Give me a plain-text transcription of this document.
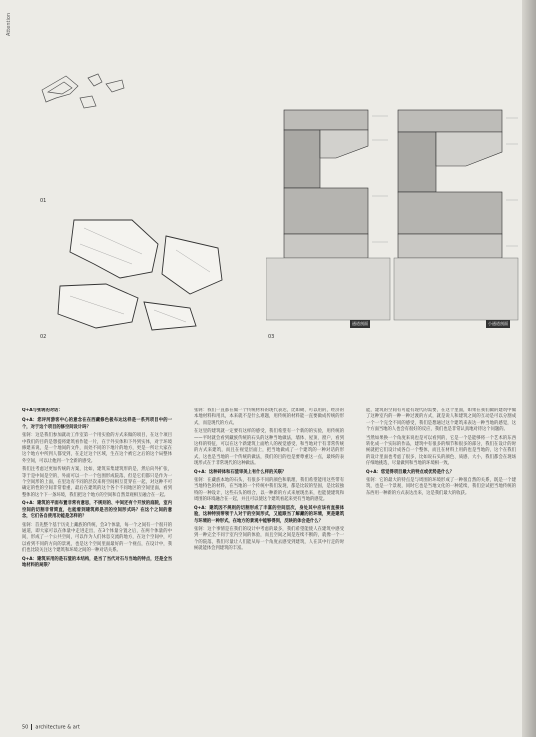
Attention
01
02	03
通道剖面	小通道剖面

Q+A与张轲的对话：

Q+A：您评河游客中心的意念在在西藏修色极布达这样是一系列项目中的一个，对于这个项目的修空间设计吗？

张轲：这是我们参加就动工作室第一个用实验的方式来做的项目，在这个项目中我们的目的是想提将建筑看作能一片，在于外实体和下外到实体，对于环境修建来说，是一个地间的文件，而处不同的下地片的地方，更是一所让大家在这个地方中所到人都受到，在走过这个区域，生在这个被它之后的这个局整体外空间，可以让他到一个全新的感受。

我们注考虑过更加传统的方案，比如，建筑采集建筑形的是，然后向外扩张，等于是中间是空的，外面可以一个一个包围形成院落，但是它们都只是作为一个空间形的上面，在里边有不同的层次来将空间相互贯穿在一起，对这种不可确定的性的空间非常着重，最后在建筑的这个各个不同地区的空间里面，看到整体的这个下一条环境，我们把这个地方的空间和自然景观相互融合在一起。

Q+A：建筑的平面布置非常有意思，不规则的、中间还有个开放的庭院，室内空间的切割非常简直，也能看到建筑师是否的空间形式吗？在这个之间的意念，它们各自使用功能是怎样的？

张轲：首先整个基于历史上藏族的传统，会3个体量，每一个之间有一个很开的通道，即大家可以在体量中走进走出，在3个体量分置之后，在两个体量的中间，形成了一个公共空间，可以作为人们休息交流的地方，在这个空间中，可以看到不同的方向的景观，也是这个空间里面最好的一个视点，在设计中，我们也比较关注这个建筑和环境之间的一种对话关系。

Q+A：建筑采用的是石渣的本结构，是当了当代对石与当地的特点，还是全当地材料的局限？

张轲：我们一直都在做一个传统材料的现代表达，比如砌、可以用的，经济的本地材料和用具，本来就不是什么难题，用传统的材料能一直要做成传统的形式，而是现代的方式。

在这里的建筑就一定要有这样的感受，我们希望有一个新的的实验，用传统的——平时就会看到藏族传统的石头的这种当地做法，墙体、屋顶、窗户，看到这样的特征，可以在这个新建筑上面给人的视觉感受，和当地对于有非常传统的方式来建筑，而且在视觉层面上，把当地做成了一个建筑的一种对话的形式，这也是当地的一个传统的做法，我们的目的也是要尊重这一点，最终的表现形式在于非常现代的这种做法。

Q+A：这种砖体和石渣审美上有什么样的关联？

张轲：在藏族本地的石头，有很多不同的颜色和肌理，我们希望能用这些带有当地特色的材料，在当地的一个传统中我们发现，都是比较的坚固，是比较独特的一种设计，这些石头的组合，以一种新的方式来展现出来，也能使建筑和周围的环境融合在一起，并且可以使这个建筑看起来更有当地的感觉。

Q+A：建筑因不规则的切割形成了丰富的空间层次，身处其中应该有直接体验，这种特别带领于人对于的空间形式，又能跟当了解藏的的环境，更是建筑与环境的一种形式，在地方的景观中能够得到，反映的体会是什么？

张轲：这个事情是在我们的设计中考虑的最多，我们希望能使人在建筑中感受到一种完全不同于室内空间的体验，而且空间之间是连续不断的，就像一个一个的院落，我们尽量让人们能从每一个角度去感受到建筑，人在其中行走的时候就能体会到建筑的丰富。

能，建筑的空间有可能有现代的需要，在这个里面，如果在我们做的建筑中做了这种室内的一种一种过渡的方式，就是说人和建筑之间的互动是可以分割成一个一个完全不同的感受，我们是想通过这个建筑来表达一种当地的感觉，这个方面当地的人也会有很好的反应，我们也是非常认真地对待这个问题的。

当然如果换一个角度来说也是可以看到的，它是一个是能够将一个艺术的东西转化成一个实际的作品，建筑中有很多的细节和很多的部分，我们在设计的时候就把它们设计成各自一个整体，而且在材料上用的也是当地的，这个在我们的设计里面也考虑了很多，比如说石头的颜色、质感、大小，我们都会在现场仔细地挑选，尽量做到和当地的环境相一致。

Q+A：您觉得项目最大的特点或优势是什么？

张轲：它的最大的特点是与周围的环境形成了一种很自然的关系，既是一个建筑，也是一个景观，同时它也是当地文化的一种延续，我们尝试把当地传统的东西用一种新的方式表达出来，这是我们最大的收获。

50 architecture & art
